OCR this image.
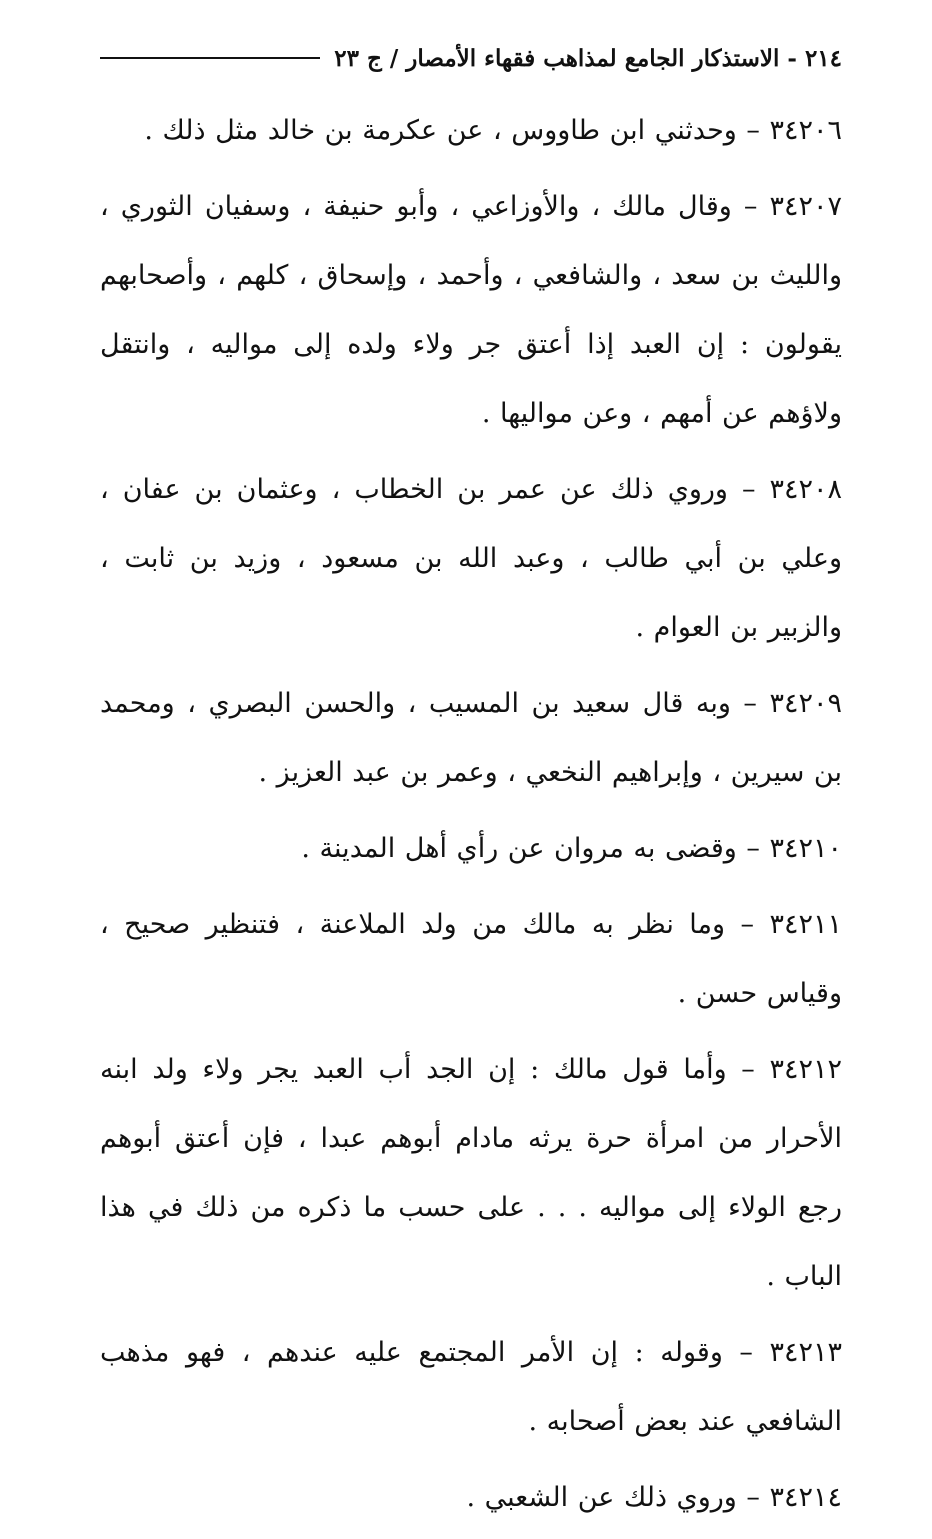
٢١٤ - الاستذكار الجامع لمذاهب فقهاء الأمصار / ج ٢٣

٣٤٢٠٦ – وحدثني ابن طاووس ، عن عكرمة بن خالد مثل ذلك .

٣٤٢٠٧ – وقال مالك ، والأوزاعي ، وأبو حنيفة ، وسفيان الثوري ، والليث بن سعد ، والشافعي ، وأحمد ، وإسحاق ، كلهم ، وأصحابهم يقولون : إن العبد إذا أعتق جر ولاء ولده إلى مواليه ، وانتقل ولاؤهم عن أمهم ، وعن مواليها .

٣٤٢٠٨ – وروي ذلك عن عمر بن الخطاب ، وعثمان بن عفان ، وعلي بن أبي طالب ، وعبد الله بن مسعود ، وزيد بن ثابت ، والزبير بن العوام .

٣٤٢٠٩ – وبه قال سعيد بن المسيب ، والحسن البصري ، ومحمد بن سيرين ، وإبراهيم النخعي ، وعمر بن عبد العزيز .

٣٤٢١٠ – وقضى به مروان عن رأي أهل المدينة .

٣٤٢١١ – وما نظر به مالك من ولد الملاعنة ، فتنظير صحيح ، وقياس حسن .

٣٤٢١٢ – وأما قول مالك : إن الجد أب العبد يجر ولاء ولد ابنه الأحرار من امرأة حرة يرثه مادام أبوهم عبدا ، فإن أعتق أبوهم رجع الولاء إلى مواليه . . . على حسب ما ذكره من ذلك في هذا الباب .

٣٤٢١٣ – وقوله : إن الأمر المجتمع عليه عندهم ، فهو مذهب الشافعي عند بعض أصحابه .

٣٤٢١٤ – وروي ذلك عن الشعبي .
